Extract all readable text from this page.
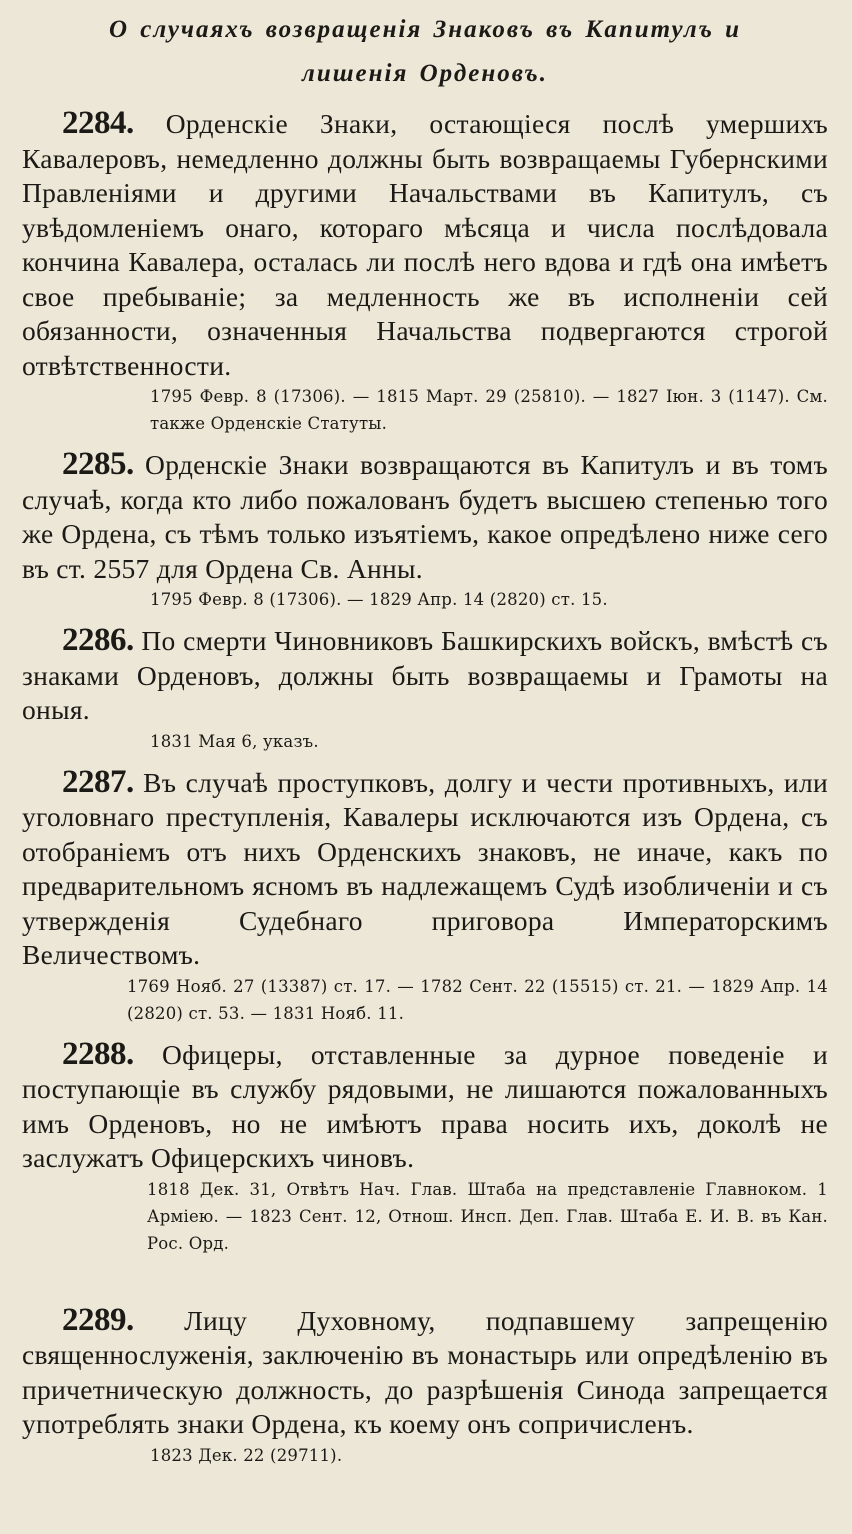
О случаяхъ возвращенія Знаковъ въ Капитулъ и
лишенія Орденовъ.

2284. Орденскіе Знаки, остающіеся послѣ умершихъ Кавалеровъ, немедленно должны быть возвращаемы Губернскими Правленіями и другими Начальствами въ Капитулъ, съ увѣдомленіемъ онаго, котораго мѣсяца и числа послѣдовала кончина Кавалера, осталась ли послѣ него вдова и гдѣ она имѣетъ свое пребываніе; за медленность же въ исполненіи сей обязанности, означенныя Начальства подвергаются строгой отвѣтственности.

1795 Февр. 8 (17306). — 1815 Март. 29 (25810). — 1827 Іюн. 3 (1147). См. также Орденскіе Статуты.

2285. Орденскіе Знаки возвращаются въ Капитулъ и въ томъ случаѣ, когда кто либо пожалованъ будетъ высшею степенью того же Ордена, съ тѣмъ только изъятіемъ, какое опредѣлено ниже сего въ ст. 2557 для Ордена Св. Анны.

1795 Февр. 8 (17306). — 1829 Апр. 14 (2820) ст. 15.

2286. По смерти Чиновниковъ Башкирскихъ войскъ, вмѣстѣ съ знаками Орденовъ, должны быть возвращаемы и Грамоты на оныя.

1831 Мая 6, указъ.

2287. Въ случаѣ проступковъ, долгу и чести противныхъ, или уголовнаго преступленія, Кавалеры исключаются изъ Ордена, съ отобраніемъ отъ нихъ Орденскихъ знаковъ, не иначе, какъ по предварительномъ ясномъ въ надлежащемъ Судѣ изобличеніи и съ утвержденія Судебнаго приговора Императорскимъ Величествомъ.

1769 Нояб. 27 (13387) ст. 17. — 1782 Сент. 22 (15515) ст. 21. — 1829 Апр. 14 (2820) ст. 53. — 1831 Нояб. 11.

2288. Офицеры, отставленные за дурное поведеніе и поступающіе въ службу рядовыми, не лишаются пожалованныхъ имъ Орденовъ, но не имѣютъ права носить ихъ, доколѣ не заслужатъ Офицерскихъ чиновъ.

1818 Дек. 31, Отвѣтъ Нач. Глав. Штаба на представленіе Главноком. 1 Арміею. — 1823 Сент. 12, Отнош. Инсп. Деп. Глав. Штаба Е. И. В. въ Кан. Рос. Орд.

2289. Лицу Духовному, подпавшему запрещенію священнослуженія, заключенію въ монастырь или опредѣленію въ причетническую должность, до разрѣшенія Синода запрещается употреблять знаки Ордена, къ коему онъ сопричисленъ.

1823 Дек. 22 (29711).
